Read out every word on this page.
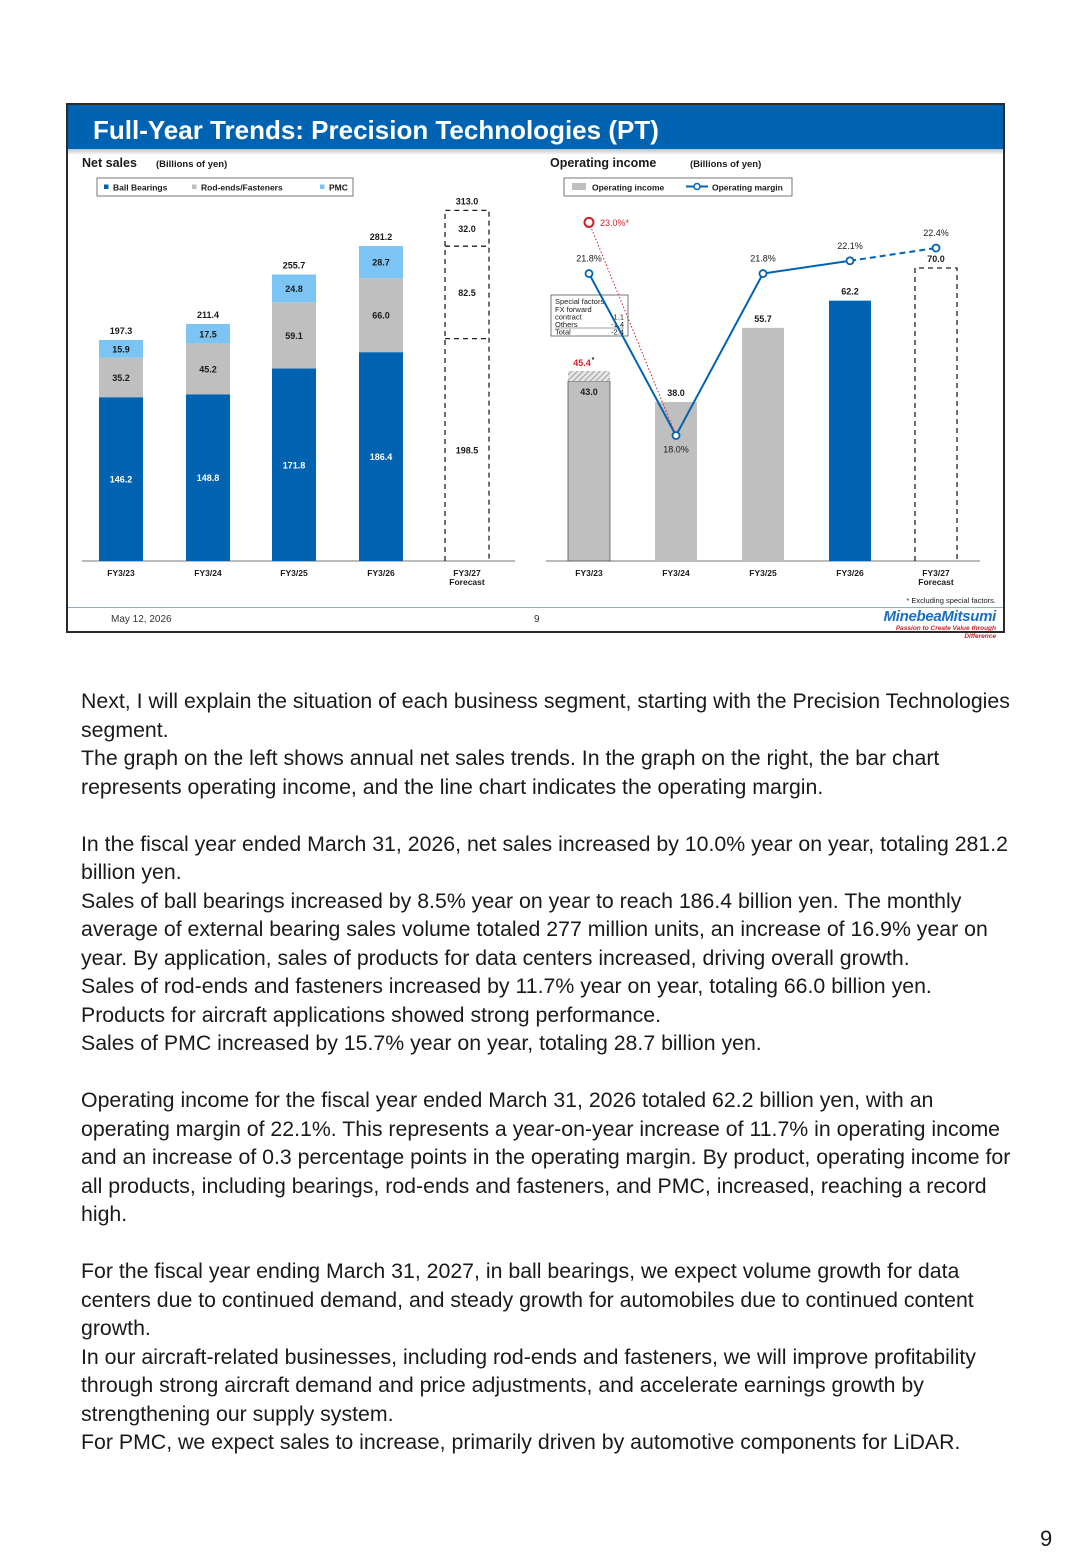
Full-Year Trends: Precision Technologies (PT)
Net sales (Billions of yen)
Ball Bearings	Rod-ends/Fasteners	PMC
146.2
35.2
15.9
197.3
FY3/23
148.8
45.2
17.5
211.4
FY3/24
171.8
59.1
24.8
255.7
FY3/25
186.4
66.0
28.7
281.2
FY3/26
198.5
82.5
32.0
313.0
FY3/27
Forecast
Operating income	(Billions of yen)
Operating income	Operating margin
43.0
FY3/23
38.0
FY3/24
55.7
FY3/25
62.2
FY3/26
70.0
FY3/27
Forecast
45.4 *
Special factors
FX forward
contract	-1.1
Others	-1.4
Total	-2.4
23.0%*
21.8%
18.0%
21.8%
22.1%
22.4%
* Excluding special factors.
May 12, 2026	9	MinebeaMitsumi
Passion to Create Value through Difference

Next, I will explain the situation of each business segment, starting with the Precision Technologies segment.

The graph on the left shows annual net sales trends. In the graph on the right, the bar chart represents operating income, and the line chart indicates the operating margin.

In the fiscal year ended March 31, 2026, net sales increased by 10.0% year on year, totaling 281.2 billion yen.

Sales of ball bearings increased by 8.5% year on year to reach 186.4 billion yen. The monthly average of external bearing sales volume totaled 277 million units, an increase of 16.9% year on year. By application, sales of products for data centers increased, driving overall growth.

Sales of rod-ends and fasteners increased by 11.7% year on year, totaling 66.0 billion yen. Products for aircraft applications showed strong performance.

Sales of PMC increased by 15.7% year on year, totaling 28.7 billion yen.

Operating income for the fiscal year ended March 31, 2026 totaled 62.2 billion yen, with an operating margin of 22.1%. This represents a year-on-year increase of 11.7% in operating income and an increase of 0.3 percentage points in the operating margin. By product, operating income for all products, including bearings, rod-ends and fasteners, and PMC, increased, reaching a record high.

For the fiscal year ending March 31, 2027, in ball bearings, we expect volume growth for data centers due to continued demand, and steady growth for automobiles due to continued content growth.

In our aircraft-related businesses, including rod-ends and fasteners, we will improve profitability through strong aircraft demand and price adjustments, and accelerate earnings growth by strengthening our supply system.

For PMC, we expect sales to increase, primarily driven by automotive components for LiDAR.

9
